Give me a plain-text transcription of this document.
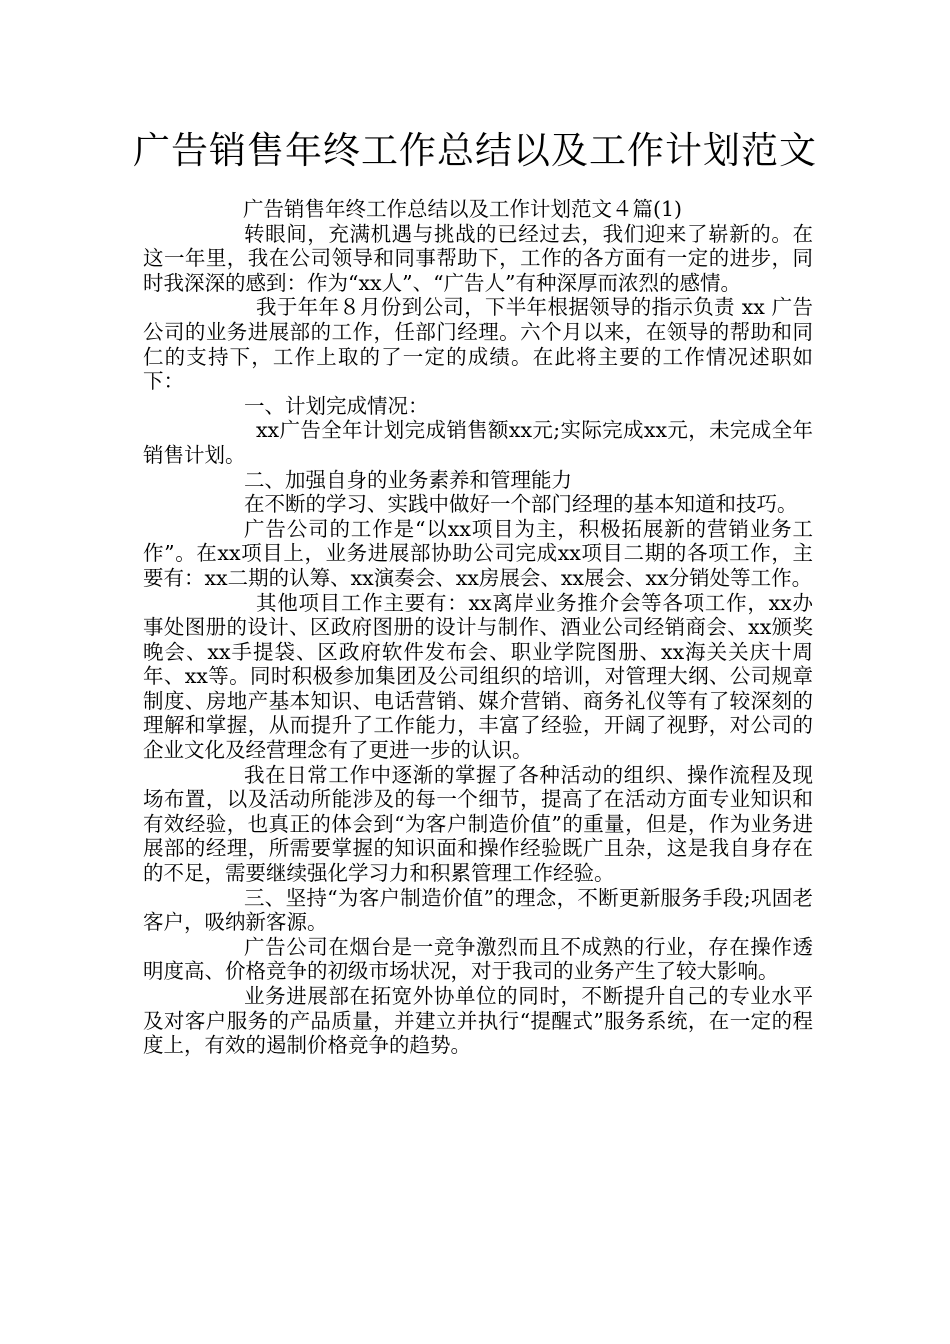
广告销售年终工作总结以及工作计划范文

广告销售年终工作总结以及工作计划范文４篇(1)

转眼间，充满机遇与挑战的已经过去，我们迎来了崭新的。在这一年里，我在公司领导和同事帮助下，工作的各方面有一定的进步，同时我深深的感到：作为“xx人”、“广告人”有种深厚而浓烈的感情。

我于年年８月份到公司，下半年根据领导的指示负责 xx 广告公司的业务进展部的工作，任部门经理。六个月以来，在领导的帮助和同仁的支持下，工作上取的了一定的成绩。在此将主要的工作情况述职如下：

一、计划完成情况：

xx广告全年计划完成销售额xx元;实际完成xx元，未完成全年销售计划。

二、加强自身的业务素养和管理能力

在不断的学习、实践中做好一个部门经理的基本知道和技巧。

广告公司的工作是“以xx项目为主，积极拓展新的营销业务工作”。在xx项目上，业务进展部协助公司完成xx项目二期的各项工作，主要有：xx二期的认筹、xx演奏会、xx房展会、xx展会、xx分销处等工作。

其他项目工作主要有：xx离岸业务推介会等各项工作，xx办事处图册的设计、区政府图册的设计与制作、酒业公司经销商会、xx颁奖晚会、xx手提袋、区政府软件发布会、职业学院图册、xx海关关庆十周年、xx等。同时积极参加集团及公司组织的培训，对管理大纲、公司规章制度、房地产基本知识、电话营销、媒介营销、商务礼仪等有了较深刻的理解和掌握，从而提升了工作能力，丰富了经验，开阔了视野，对公司的企业文化及经营理念有了更进一步的认识。

我在日常工作中逐渐的掌握了各种活动的组织、操作流程及现场布置，以及活动所能涉及的每一个细节，提高了在活动方面专业知识和有效经验，也真正的体会到“为客户制造价值”的重量，但是，作为业务进展部的经理，所需要掌握的知识面和操作经验既广且杂，这是我自身存在的不足，需要继续强化学习力和积累管理工作经验。

三、坚持“为客户制造价值”的理念，不断更新服务手段;巩固老客户，吸纳新客源。

广告公司在烟台是一竞争激烈而且不成熟的行业，存在操作透明度高、价格竞争的初级市场状况，对于我司的业务产生了较大影响。

业务进展部在拓宽外协单位的同时，不断提升自己的专业水平及对客户服务的产品质量，并建立并执行“提醒式”服务系统，在一定的程度上，有效的遏制价格竞争的趋势。
